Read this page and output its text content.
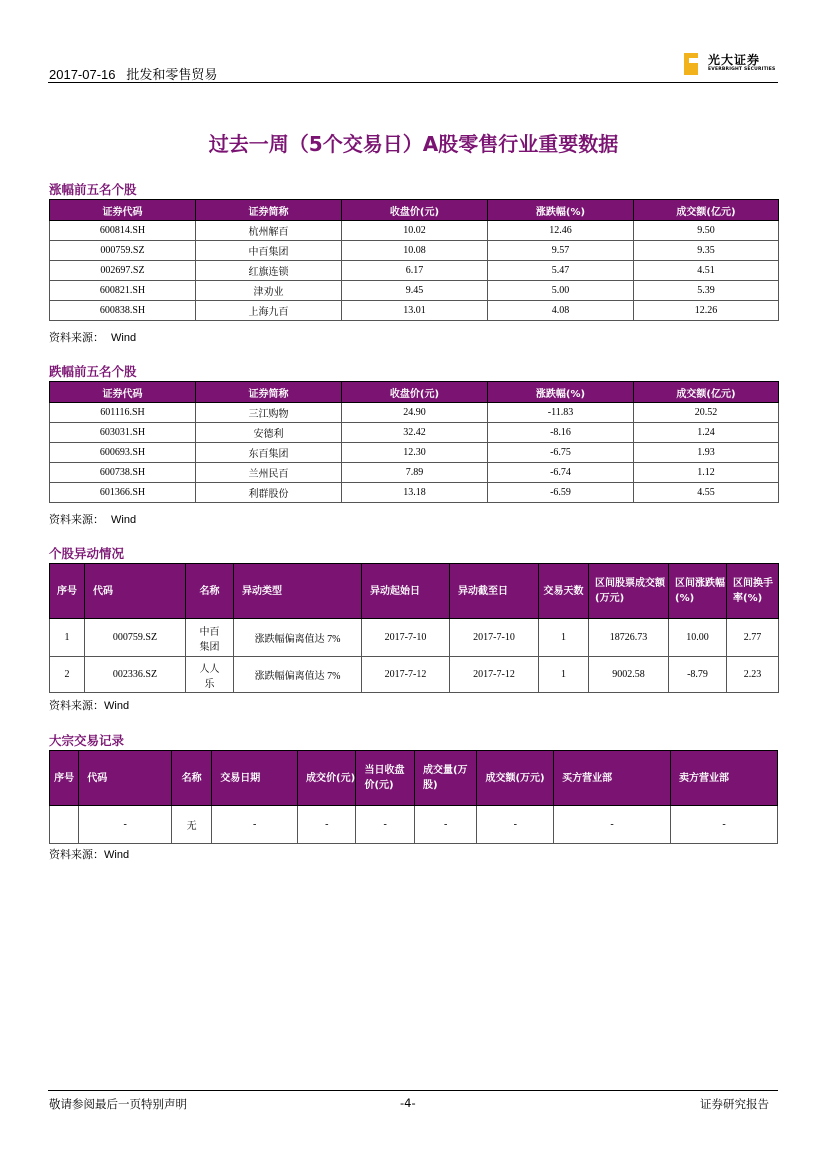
2017-07-16 批发和零售贸易
光大证券
EVERBRIGHT SECURITIES
过去一周（5个交易日）A股零售行业重要数据
涨幅前五名个股
证券代码	证券简称	收盘价(元)	涨跌幅(%)	成交额(亿元)
600814.SH	杭州解百	10.02	12.46	9.50
000759.SZ	中百集团	10.08	9.57	9.35
002697.SZ	红旗连锁	6.17	5.47	4.51
600821.SH	津劝业	9.45	5.00	5.39
600838.SH	上海九百	13.01	4.08	12.26
资料来源： Wind
跌幅前五名个股
证券代码	证券简称	收盘价(元)	涨跌幅(%)	成交额(亿元)
601116.SH	三江购物	24.90	-11.83	20.52
603031.SH	安德利	32.42	-8.16	1.24
600693.SH	东百集团	12.30	-6.75	1.93
600738.SH	兰州民百	7.89	-6.74	1.12
601366.SH	利群股份	13.18	-6.59	4.55
资料来源： Wind
个股异动情况
序号	代码	名称	异动类型	异动起始日	异动截至日	交易天数	区间股票成交额(万元)	区间涨跌幅(%)	区间换手率(%)
1	000759.SZ	中百集团	涨跌幅偏离值达 7%	2017-7-10	2017-7-10	1	18726.73	10.00	2.77
2	002336.SZ	人人乐	涨跌幅偏离值达 7%	2017-7-12	2017-7-12	1	9002.58	-8.79	2.23
资料来源：Wind
大宗交易记录
序号	代码	名称	交易日期	成交价(元)	当日收盘价(元)	成交量(万股)	成交额(万元)	买方营业部	卖方营业部
	-	无	-	-	-	-	-	-	-
资料来源：Wind
敬请参阅最后一页特别声明	-4-	证券研究报告
